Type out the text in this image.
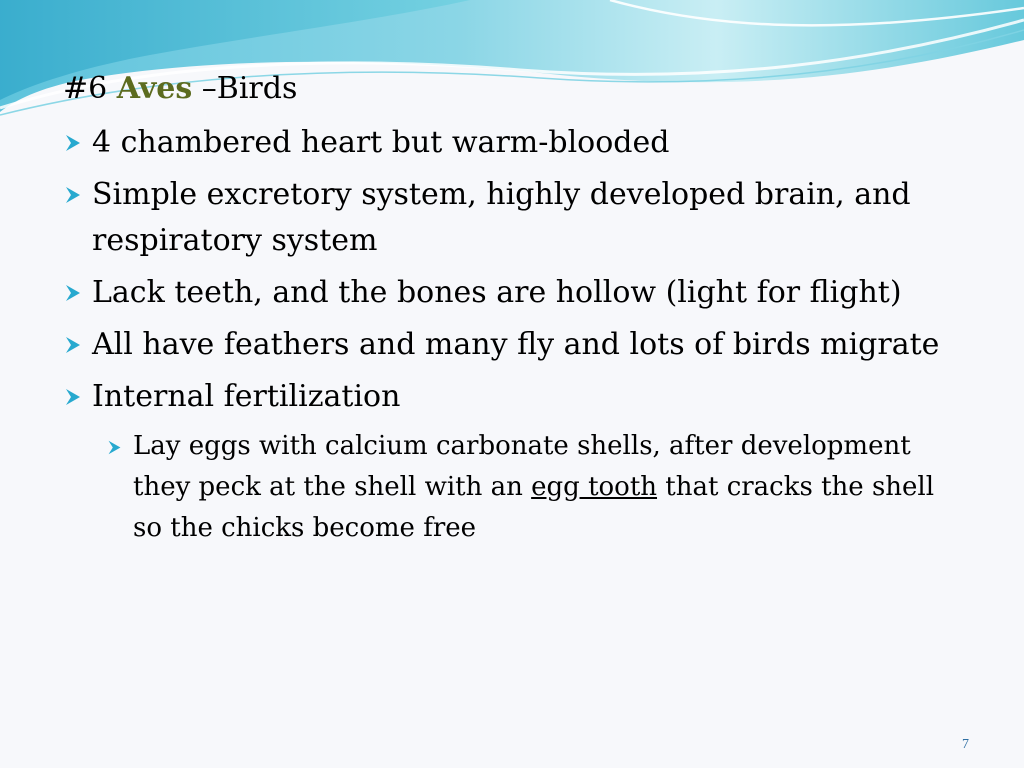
#6 Aves –Birds
4 chambered heart but warm-blooded
Simple excretory system, highly developed brain, and respiratory system
Lack teeth, and the bones are hollow (light for flight)
All have feathers and many fly and lots of birds migrate
Internal fertilization
Lay eggs with calcium carbonate shells, after development they peck at the shell with an egg tooth that cracks the shell so the chicks become free
7
